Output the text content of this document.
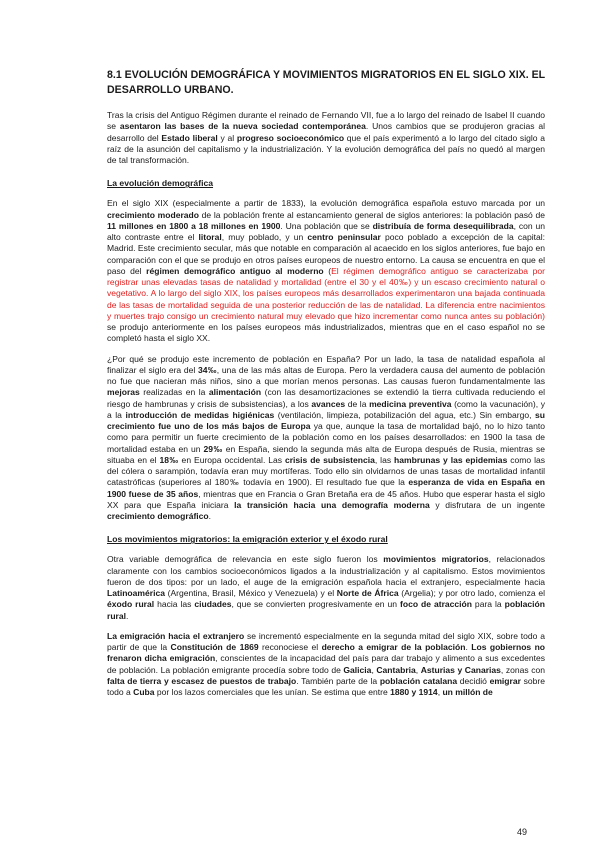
8.1 EVOLUCIÓN DEMOGRÁFICA Y MOVIMIENTOS MIGRATORIOS EN EL SIGLO XIX. EL DESARROLLO URBANO.

Tras la crisis del Antiguo Régimen durante el reinado de Fernando VII, fue a lo largo del reinado de Isabel II cuando se asentaron las bases de la nueva sociedad contemporánea. Unos cambios que se produjeron gracias al desarrollo del Estado liberal y al progreso socioeconómico que el país experimentó a lo largo del citado siglo a raíz de la asunción del capitalismo y la industrialización. Y la evolución demográfica del país no quedó al margen de tal transformación.

La evolución demográfica

En el siglo XIX (especialmente a partir de 1833), la evolución demográfica española estuvo marcada por un crecimiento moderado de la población frente al estancamiento general de siglos anteriores: la población pasó de 11 millones en 1800 a 18 millones en 1900. Una población que se distribuía de forma desequilibrada, con un alto contraste entre el litoral, muy poblado, y un centro peninsular poco poblado a excepción de la capital: Madrid. Este crecimiento secular, más que notable en comparación al acaecido en los siglos anteriores, fue bajo en comparación con el que se produjo en otros países europeos de nuestro entorno. La causa se encuentra en que el paso del régimen demográfico antiguo al moderno (El régimen demográfico antiguo se caracterizaba por registrar unas elevadas tasas de natalidad y mortalidad (entre el 30 y el 40‰) y un escaso crecimiento natural o vegetativo. A lo largo del siglo XIX, los países europeos más desarrollados experimentaron una bajada continuada de las tasas de mortalidad seguida de una posterior reducción de las de natalidad. La diferencia entre nacimientos y muertes trajo consigo un crecimiento natural muy elevado que hizo incrementar como nunca antes su población) se produjo anteriormente en los países europeos más industrializados, mientras que en el caso español no se completó hasta el siglo XX.

¿Por qué se produjo este incremento de población en España? Por un lado, la tasa de natalidad española al finalizar el siglo era del 34‰, una de las más altas de Europa. Pero la verdadera causa del aumento de población no fue que nacieran más niños, sino a que morían menos personas. Las causas fueron fundamentalmente las mejoras realizadas en la alimentación (con las desamortizaciones se extendió la tierra cultivada reduciendo el riesgo de hambrunas y crisis de subsistencias), a los avances de la medicina preventiva (como la vacunación), y a la introducción de medidas higiénicas (ventilación, limpieza, potabilización del agua, etc.) Sin embargo, su crecimiento fue uno de los más bajos de Europa ya que, aunque la tasa de mortalidad bajó, no lo hizo tanto como para permitir un fuerte crecimiento de la población como en los países desarrollados: en 1900 la tasa de mortalidad estaba en un 29‰ en España, siendo la segunda más alta de Europa después de Rusia, mientras se situaba en el 18‰ en Europa occidental. Las crisis de subsistencia, las hambrunas y las epidemias como las del cólera o sarampión, todavía eran muy mortíferas. Todo ello sin olvidarnos de unas tasas de mortalidad infantil catastróficas (superiores al 180‰ todavía en 1900). El resultado fue que la esperanza de vida en España en 1900 fuese de 35 años, mientras que en Francia o Gran Bretaña era de 45 años. Hubo que esperar hasta el siglo XX para que España iniciara la transición hacia una demografía moderna y disfrutara de un ingente crecimiento demográfico.

Los movimientos migratorios: la emigración exterior y el éxodo rural

Otra variable demográfica de relevancia en este siglo fueron los movimientos migratorios, relacionados claramente con los cambios socioeconómicos ligados a la industrialización y al capitalismo. Estos movimientos fueron de dos tipos: por un lado, el auge de la emigración española hacia el extranjero, especialmente hacia Latinoamérica (Argentina, Brasil, México y Venezuela) y el Norte de África (Argelia); y por otro lado, comienza el éxodo rural hacia las ciudades, que se convierten progresivamente en un foco de atracción para la población rural.

La emigración hacia el extranjero se incrementó especialmente en la segunda mitad del siglo XIX, sobre todo a partir de que la Constitución de 1869 reconociese el derecho a emigrar de la población. Los gobiernos no frenaron dicha emigración, conscientes de la incapacidad del país para dar trabajo y alimento a sus excedentes de población. La población emigrante procedía sobre todo de Galicia, Cantabria, Asturias y Canarias, zonas con falta de tierra y escasez de puestos de trabajo. También parte de la población catalana decidió emigrar sobre todo a Cuba por los lazos comerciales que les unían. Se estima que entre 1880 y 1914, un millón de

49
